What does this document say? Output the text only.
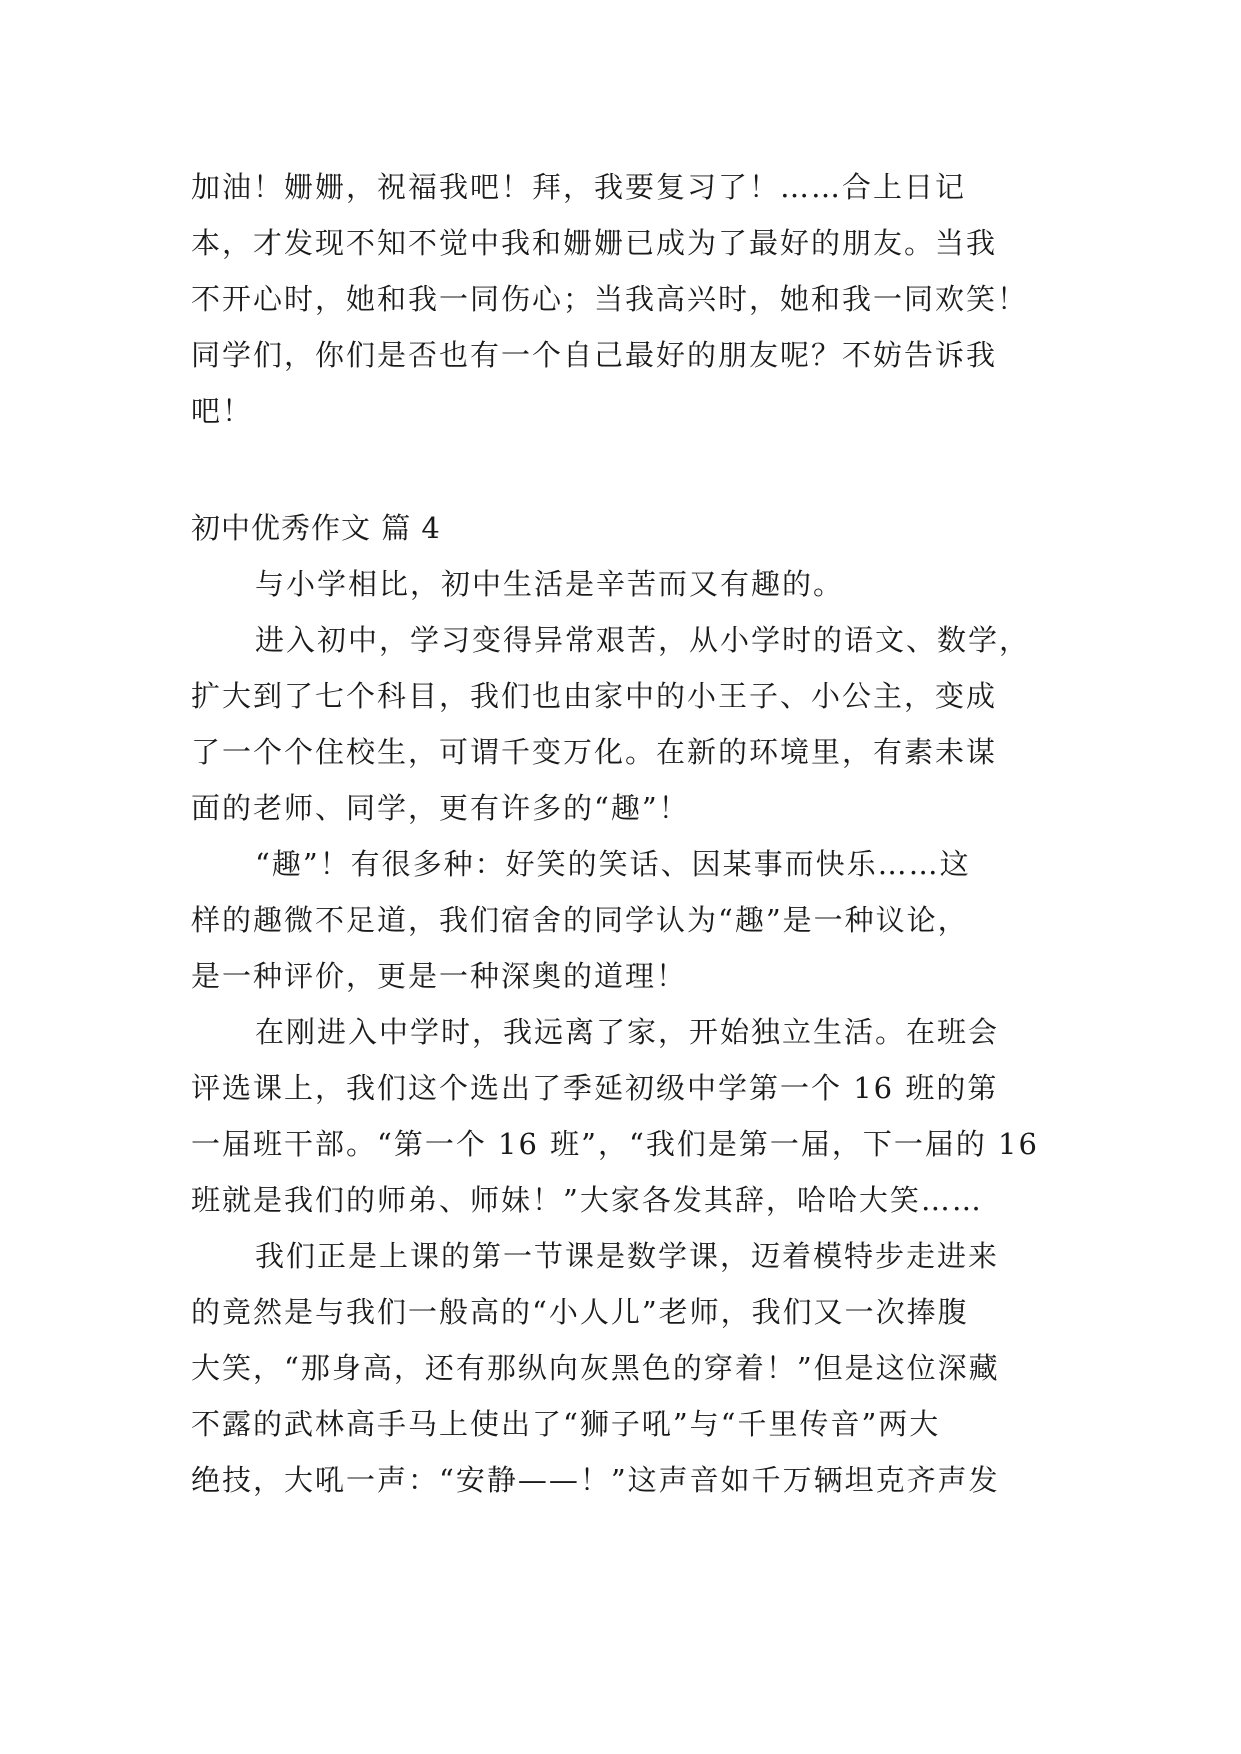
加油！姗姗，祝福我吧！拜，我要复习了！……合上日记
本，才发现不知不觉中我和姗姗已成为了最好的朋友。当我
不开心时，她和我一同伤心；当我高兴时，她和我一同欢笑！
同学们，你们是否也有一个自己最好的朋友呢？不妨告诉我
吧！
初中优秀作文 篇 4
与小学相比，初中生活是辛苦而又有趣的。
进入初中，学习变得异常艰苦，从小学时的语文、数学，
扩大到了七个科目，我们也由家中的小王子、小公主，变成
了一个个住校生，可谓千变万化。在新的环境里，有素未谋
面的老师、同学，更有许多的“趣”！
“趣”！有很多种：好笑的笑话、因某事而快乐……这
样的趣微不足道，我们宿舍的同学认为“趣”是一种议论，
是一种评价，更是一种深奥的道理！
在刚进入中学时，我远离了家，开始独立生活。在班会
评选课上，我们这个选出了季延初级中学第一个 16 班的第
一届班干部。“第一个 16 班”，“我们是第一届，下一届的 16
班就是我们的师弟、师妹！”大家各发其辞，哈哈大笑……
我们正是上课的第一节课是数学课，迈着模特步走进来
的竟然是与我们一般高的“小人儿”老师，我们又一次捧腹
大笑，“那身高，还有那纵向灰黑色的穿着！”但是这位深藏
不露的武林高手马上使出了“狮子吼”与“千里传音”两大
绝技，大吼一声：“安静——！”这声音如千万辆坦克齐声发
